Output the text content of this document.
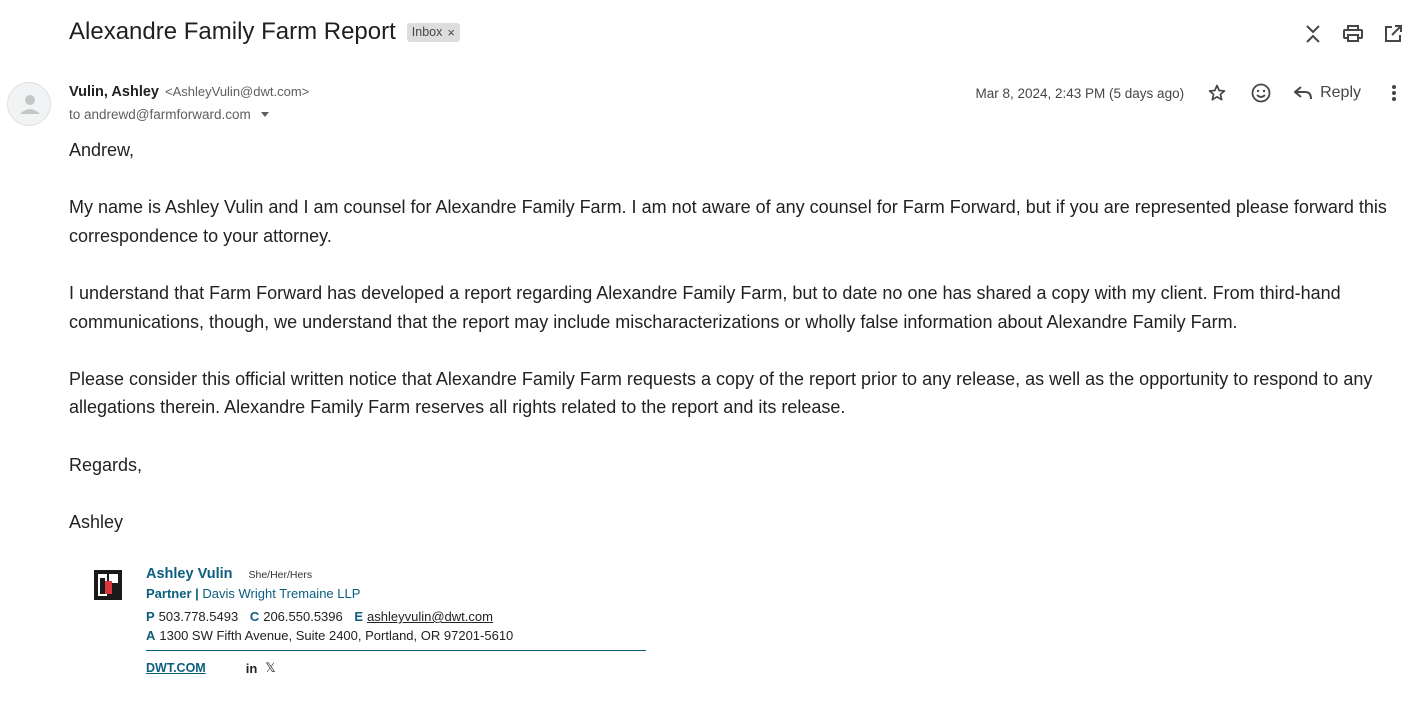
Alexandre Family Farm Report Inbox ×
Vulin, Ashley <AshleyVulin@dwt.com>
to andrewd@farmforward.com
Mar 8, 2024, 2:43 PM (5 days ago)	Reply

Andrew,

My name is Ashley Vulin and I am counsel for Alexandre Family Farm. I am not aware of any counsel for Farm Forward, but if you are represented please forward this correspondence to your attorney.

I understand that Farm Forward has developed a report regarding Alexandre Family Farm, but to date no one has shared a copy with my client. From third-hand communications, though, we understand that the report may include mischaracterizations or wholly false information about Alexandre Family Farm.

Please consider this official written notice that Alexandre Family Farm requests a copy of the report prior to any release, as well as the opportunity to respond to any allegations therein. Alexandre Family Farm reserves all rights related to the report and its release.

Regards,

Ashley

Ashley Vulin She/Her/Hers
Partner | Davis Wright Tremaine LLP
P 503.778.5493 C 206.550.5396 E ashleyvulin@dwt.com
A 1300 SW Fifth Avenue, Suite 2400, Portland, OR 97201-5610
DWT.COM	in 𝕏
